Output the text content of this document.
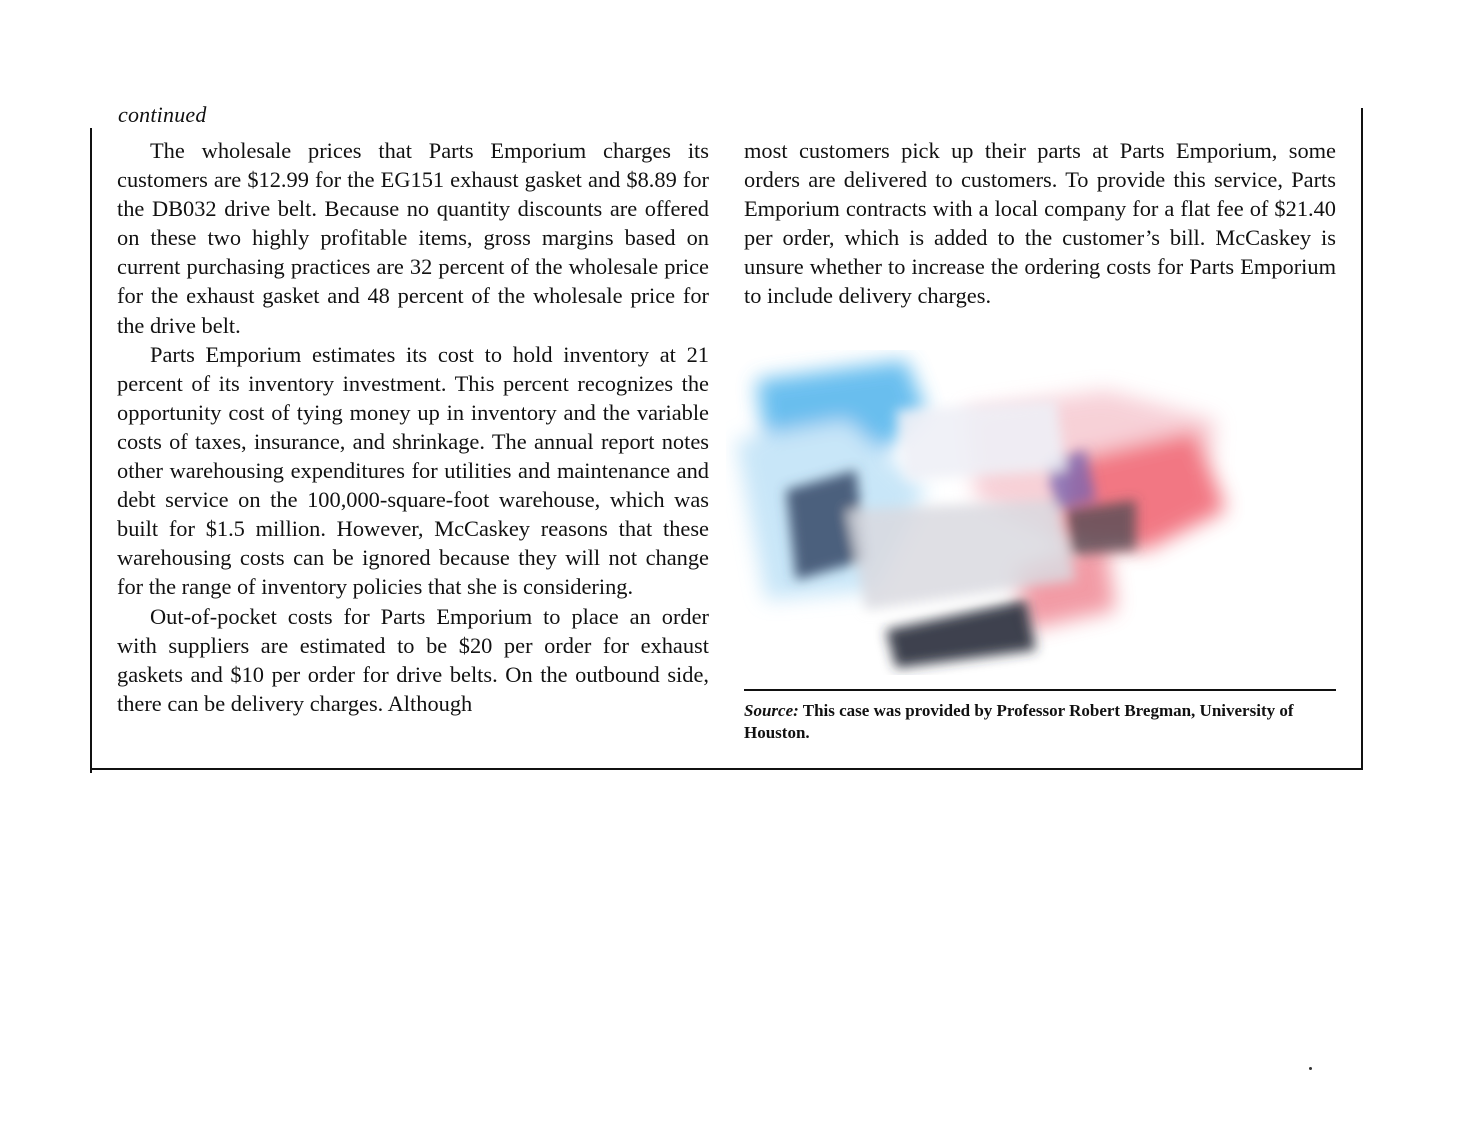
continued

The wholesale prices that Parts Emporium charges its customers are $12.99 for the EG151 exhaust gasket and $8.89 for the DB032 drive belt. Because no quantity discounts are offered on these two highly profitable items, gross margins based on current purchasing practices are 32 percent of the wholesale price for the exhaust gasket and 48 percent of the wholesale price for the drive belt.

Parts Emporium estimates its cost to hold inventory at 21 percent of its inventory investment. This percent recognizes the opportunity cost of tying money up in inventory and the variable costs of taxes, insurance, and shrinkage. The annual report notes other warehousing expenditures for utilities and maintenance and debt service on the 100,000-square-foot warehouse, which was built for $1.5 million. However, McCaskey reasons that these warehousing costs can be ignored because they will not change for the range of inventory policies that she is considering.

Out-of-pocket costs for Parts Emporium to place an order with suppliers are estimated to be $20 per order for exhaust gaskets and $10 per order for drive belts. On the outbound side, there can be delivery charges. Although

most customers pick up their parts at Parts Emporium, some orders are delivered to customers. To provide this service, Parts Emporium contracts with a local company for a flat fee of $21.40 per order, which is added to the customer’s bill. McCaskey is unsure whether to increase the ordering costs for Parts Emporium to include delivery charges.

Source: This case was provided by Professor Robert Bregman, University of Houston.
